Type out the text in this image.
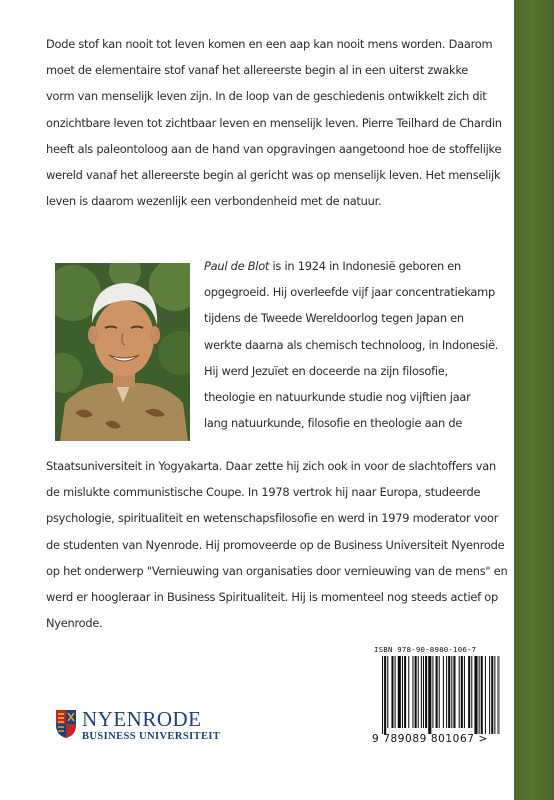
Dode stof kan nooit tot leven komen en een aap kan nooit mens worden. Daarom
moet de elementaire stof vanaf het allereerste begin al in een uiterst zwakke
vorm van menselijk leven zijn. In de loop van de geschiedenis ontwikkelt zich dit
onzichtbare leven tot zichtbaar leven en menselijk leven. Pierre Teilhard de Chardin
heeft als paleontoloog aan de hand van opgravingen aangetoond hoe de stoffelijke
wereld vanaf het allereerste begin al gericht was op menselijk leven. Het menselijk
leven is daarom wezenlijk een verbondenheid met de natuur.
Paul de Blot is in 1924 in Indonesië geboren en
opgegroeid. Hij overleefde vijf jaar concentratiekamp
tijdens de Tweede Wereldoorlog tegen Japan en
werkte daarna als chemisch technoloog, in Indonesië.
Hij werd Jezuïet en doceerde na zijn filosofie,
theologie en natuurkunde studie nog vijftien jaar
lang natuurkunde, filosofie en theologie aan de
Staatsuniversiteit in Yogyakarta. Daar zette hij zich ook in voor de slachtoffers van
de mislukte communistische Coupe. In 1978 vertrok hij naar Europa, studeerde
psychologie, spiritualiteit en wetenschapsfilosofie en werd in 1979 moderator voor
de studenten van Nyenrode. Hij promoveerde op de Business Universiteit Nyenrode
op het onderwerp "Vernieuwing van organisaties door vernieuwing van de mens" en
werd er hoogleraar in Business Spiritualiteit. Hij is momenteel nog steeds actief op
Nyenrode.
NYENRODE
BUSINESS UNIVERSITEIT
ISBN 978-90-8980-106-7
9 789089 801067 >
